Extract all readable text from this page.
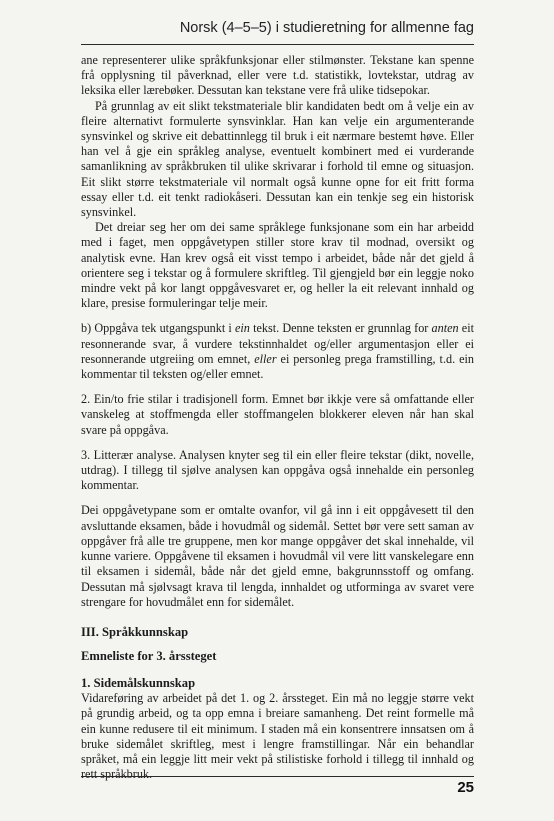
Norsk (4–5–5) i studieretning for allmenne fag

ane representerer ulike språkfunksjonar eller stilmønster. Tekstane kan spenne frå opplysning til påverknad, eller vere t.d. statistikk, lovtekstar, utdrag av leksika eller lærebøker. Dessutan kan tekstane vere frå ulike tidsepokar.

På grunnlag av eit slikt tekstmateriale blir kandidaten bedt om å velje ein av fleire alternativt formulerte synsvinklar. Han kan velje ein argumenterande synsvinkel og skrive eit debattinnlegg til bruk i eit nærmare bestemt høve. Eller han vel å gje ein språkleg analyse, eventuelt kombinert med ei vurderande samanlikning av språkbruken til ulike skrivarar i forhold til emne og situasjon. Eit slikt større tekstmateriale vil normalt også kunne opne for eit fritt forma essay eller t.d. eit tenkt radiokåseri. Dessutan kan ein tenkje seg ein historisk synsvinkel.

Det dreiar seg her om dei same språklege funksjonane som ein har arbeidd med i faget, men oppgåvetypen stiller store krav til modnad, oversikt og analytisk evne. Han krev også eit visst tempo i arbeidet, både når det gjeld å orientere seg i tekstar og å formulere skriftleg. Til gjengjeld bør ein leggje noko mindre vekt på kor langt oppgåvesvaret er, og heller la eit relevant innhald og klare, presise formuleringar telje meir.

b) Oppgåva tek utgangspunkt i ein tekst. Denne teksten er grunnlag for anten eit resonnerande svar, å vurdere tekstinnhaldet og/eller argumentasjon eller ei resonnerande utgreiing om emnet, eller ei personleg prega framstilling, t.d. ein kommentar til teksten og/eller emnet.

2. Ein/to frie stilar i tradisjonell form. Emnet bør ikkje vere så omfattande eller vanskeleg at stoffmengda eller stoffmangelen blokkerer eleven når han skal svare på oppgåva.

3. Litterær analyse. Analysen knyter seg til ein eller fleire tekstar (dikt, novelle, utdrag). I tillegg til sjølve analysen kan oppgåva også innehalde ein personleg kommentar.

Dei oppgåvetypane som er omtalte ovanfor, vil gå inn i eit oppgåvesett til den avsluttande eksamen, både i hovudmål og sidemål. Settet bør vere sett saman av oppgåver frå alle tre gruppene, men kor mange oppgåver det skal innehalde, vil kunne variere. Oppgåvene til eksamen i hovudmål vil vere litt vanskelegare enn til eksamen i sidemål, både når det gjeld emne, bakgrunnsstoff og omfang. Dessutan må sjølvsagt krava til lengda, innhaldet og utforminga av svaret vere strengare for hovudmålet enn for sidemålet.

III. Språkkunnskap
Emneliste for 3. årssteget
1. Sidemålskunnskap

Vidareføring av arbeidet på det 1. og 2. årssteget. Ein må no leggje større vekt på grundig arbeid, og ta opp emna i breiare samanheng. Det reint formelle må ein kunne redusere til eit minimum. I staden må ein konsentrere innsatsen om å bruke sidemålet skriftleg, mest i lengre framstillingar. Når ein behandlar språket, må ein leggje litt meir vekt på stilistiske forhold i tillegg til innhald og rett språkbruk.

25
